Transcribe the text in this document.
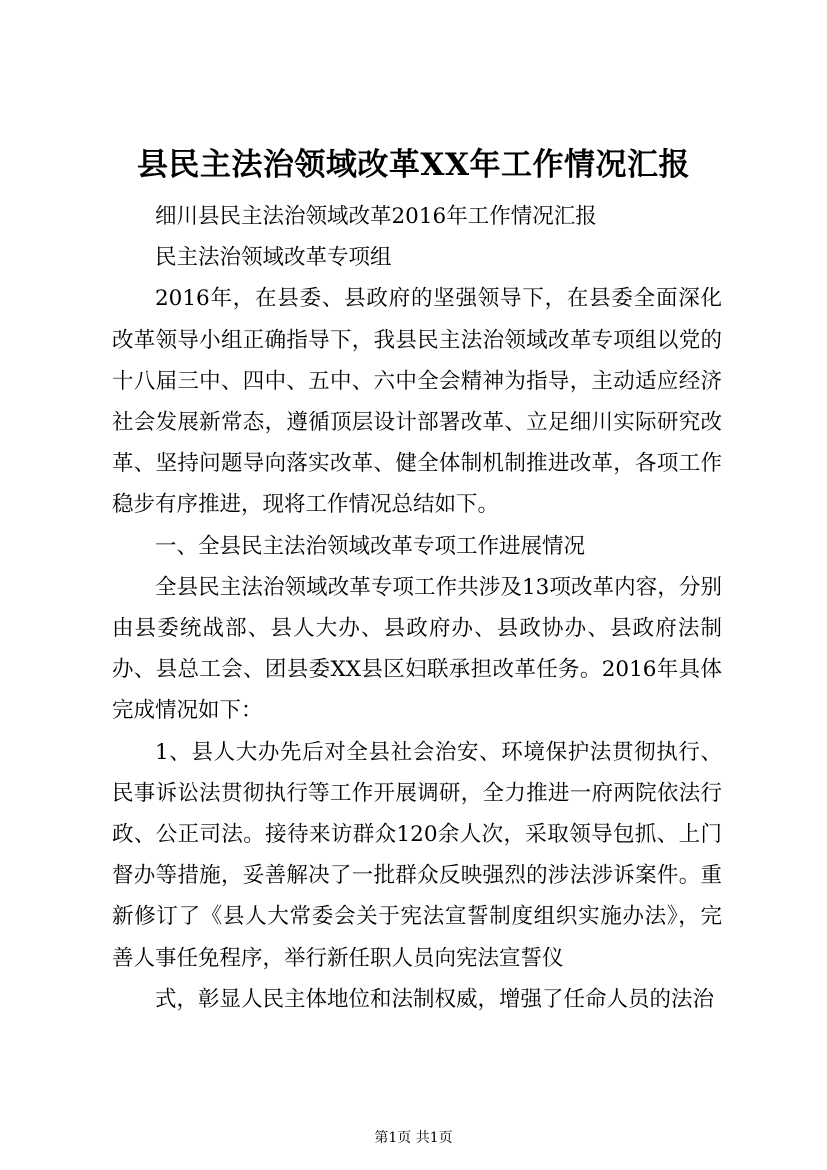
县民主法治领域改革XX年工作情况汇报

细川县民主法治领域改革2016年工作情况汇报

民主法治领域改革专项组

2016年，在县委、县政府的坚强领导下，在县委全面深化改革领导小组正确指导下，我县民主法治领域改革专项组以党的十八届三中、四中、五中、六中全会精神为指导，主动适应经济社会发展新常态，遵循顶层设计部署改革、立足细川实际研究改革、坚持问题导向落实改革、健全体制机制推进改革，各项工作稳步有序推进，现将工作情况总结如下。

一、全县民主法治领域改革专项工作进展情况

全县民主法治领域改革专项工作共涉及13项改革内容，分别由县委统战部、县人大办、县政府办、县政协办、县政府法制办、县总工会、团县委XX县区妇联承担改革任务。2016年具体完成情况如下：

1、县人大办先后对全县社会治安、环境保护法贯彻执行、民事诉讼法贯彻执行等工作开展调研，全力推进一府两院依法行政、公正司法。接待来访群众120余人次，采取领导包抓、上门督办等措施，妥善解决了一批群众反映强烈的涉法涉诉案件。重新修订了《县人大常委会关于宪法宣誓制度组织实施办法》，完善人事任免程序，举行新任职人员向宪法宣誓仪

式，彰显人民主体地位和法制权威，增强了任命人员的法治

第1页 共1页
